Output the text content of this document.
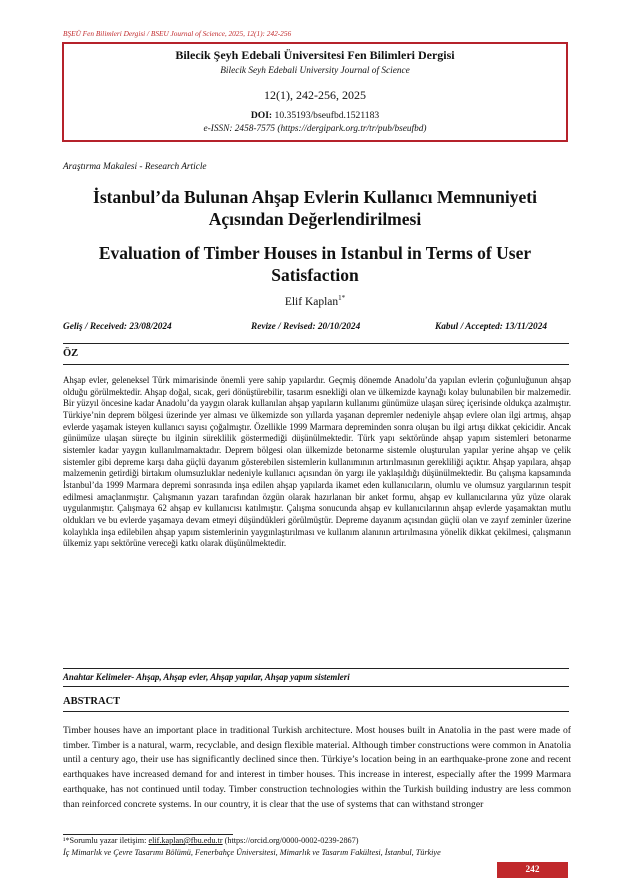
BŞEÜ Fen Bilimleri Dergisi / BSEU Journal of Science, 2025, 12(1): 242-256
Bilecik Şeyh Edebali Üniversitesi Fen Bilimleri Dergisi
Bilecik Seyh Edebali University Journal of Science
12(1), 242-256, 2025
DOI: 10.35193/bseufbd.1521183
e-ISSN: 2458-7575 (https://dergipark.org.tr/tr/pub/bseufbd)
Araştırma Makalesi - Research Article
İstanbul’da Bulunan Ahşap Evlerin Kullanıcı Memnuniyeti Açısından Değerlendirilmesi
Evaluation of Timber Houses in Istanbul in Terms of User Satisfaction
Elif Kaplan$^{1*}$
Geliş / Received: 23/08/2024	Revize / Revised: 20/10/2024	Kabul / Accepted: 13/11/2024
ÖZ
Ahşap evler, geleneksel Türk mimarisinde önemli yere sahip yapılardır. Geçmiş dönemde Anadolu’da yapılan evlerin çoğunluğunun ahşap olduğu görülmektedir. Ahşap doğal, sıcak, geri dönüştürebilir, tasarım esnekliği olan ve ülkemizde kaynağı kolay bulunabilen bir malzemedir. Bir yüzyıl öncesine kadar Anadolu’da yaygın olarak kullanılan ahşap yapıların kullanımı günümüze ulaşan süreç içerisinde oldukça azalmıştır. Türkiye’nin deprem bölgesi üzerinde yer alması ve ülkemizde son yıllarda yaşanan depremler nedeniyle ahşap evlere olan ilgi artmış, ahşap evlerde yaşamak isteyen kullanıcı sayısı çoğalmıştır. Özellikle 1999 Marmara depreminden sonra oluşan bu ilgi artışı dikkat çekicidir. Ancak günümüze ulaşan süreçte bu ilginin süreklilik göstermediği düşünülmektedir. Türk yapı sektöründe ahşap yapım sistemleri betonarme sistemler kadar yaygın kullanılmamaktadır. Deprem bölgesi olan ülkemizde betonarme sistemle oluşturulan yapılar yerine ahşap ve çelik sistemler gibi depreme karşı daha güçlü dayanım gösterebilen sistemlerin kullanımının artırılmasının gerekliliği açıktır. Ahşap yapılara, ahşap malzemenin getirdiği birtakım olumsuzluklar nedeniyle kullanıcı açısından ön yargı ile yaklaşıldığı düşünülmektedir. Bu çalışma kapsamında İstanbul’da 1999 Marmara depremi sonrasında inşa edilen ahşap yapılarda ikamet eden kullanıcıların, olumlu ve olumsuz yargılarının tespit edilmesi amaçlanmıştır. Çalışmanın yazarı tarafından özgün olarak hazırlanan bir anket formu, ahşap ev kullanıcılarına yüz yüze olarak uygulanmıştır. Çalışmaya 62 ahşap ev kullanıcısı katılmıştır. Çalışma sonucunda ahşap ev kullanıcılarının ahşap evlerde yaşamaktan mutlu oldukları ve bu evlerde yaşamaya devam etmeyi düşündükleri görülmüştür. Depreme dayanım açısından güçlü olan ve zayıf zeminler üzerine kolaylıkla inşa edilebilen ahşap yapım sistemlerinin yaygınlaştırılması ve kullanım alanının artırılmasına yönelik dikkat çekilmesi, çalışmanın ülkemiz yapı sektörüne vereceği katkı olarak düşünülmektedir.
Anahtar Kelimeler- Ahşap, Ahşap evler, Ahşap yapılar, Ahşap yapım sistemleri
ABSTRACT
Timber houses have an important place in traditional Turkish architecture. Most houses built in Anatolia in the past were made of timber. Timber is a natural, warm, recyclable, and design flexible material. Although timber constructions were common in Anatolia until a century ago, their use has significantly declined since then. Türkiye’s location being in an earthquake-prone zone and recent earthquakes have increased demand for and interest in timber houses. This increase in interest, especially after the 1999 Marmara earthquake, has not continued until today. Timber construction technologies within the Turkish building industry are less common than reinforced concrete systems. In our country, it is clear that the use of systems that can withstand stronger
¹*Sorumlu yazar iletişim: elif.kaplan@fbu.edu.tr (https://orcid.org/0000-0002-0239-2867)
İç Mimarlık ve Çevre Tasarımı Bölümü, Fenerbahçe Üniversitesi, Mimarlık ve Tasarım Fakültesi, İstanbul, Türkiye
242
